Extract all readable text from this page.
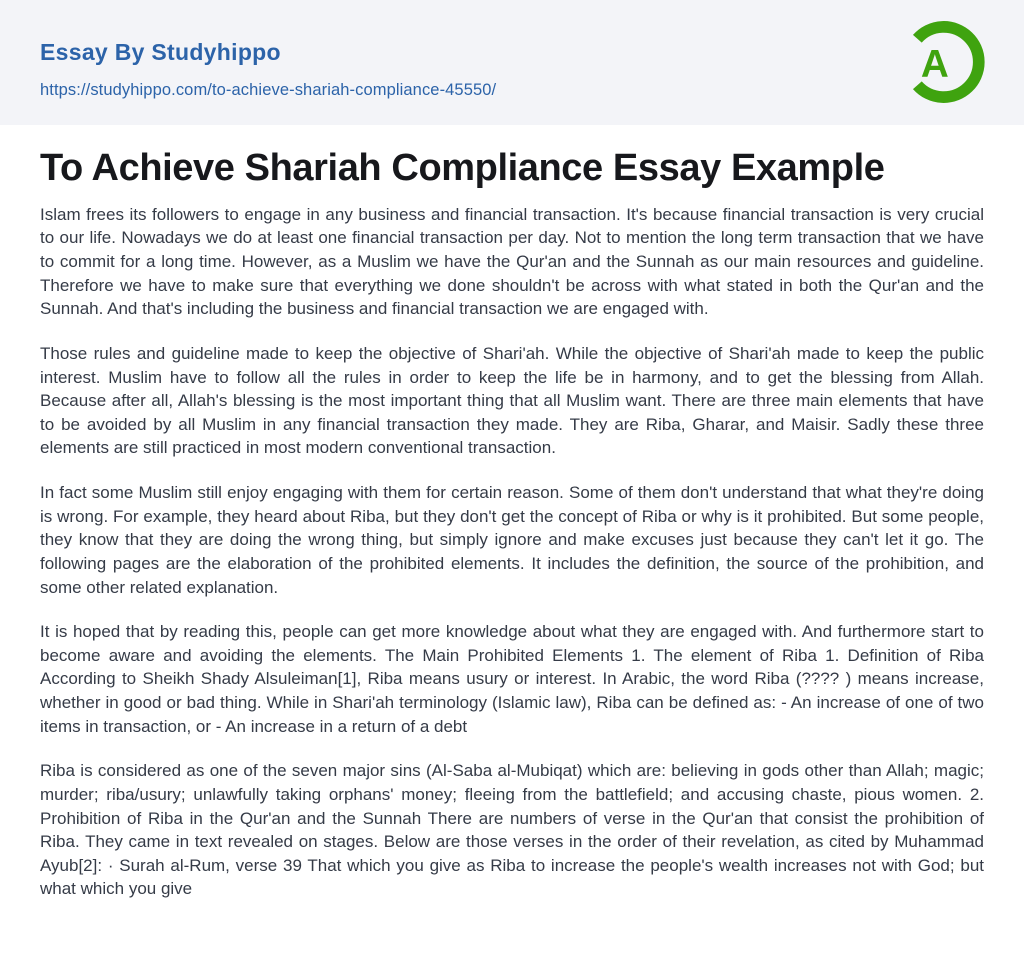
Essay By Studyhippo
https://studyhippo.com/to-achieve-shariah-compliance-45550/
A
To Achieve Shariah Compliance Essay Example

Islam frees its followers to engage in any business and financial transaction. It's because financial transaction is very crucial to our life. Nowadays we do at least one financial transaction per day. Not to mention the long term transaction that we have to commit for a long time. However, as a Muslim we have the Qur'an and the Sunnah as our main resources and guideline. Therefore we have to make sure that everything we done shouldn't be across with what stated in both the Qur'an and the Sunnah. And that's including the business and financial transaction we are engaged with.

Those rules and guideline made to keep the objective of Shari'ah. While the objective of Shari'ah made to keep the public interest. Muslim have to follow all the rules in order to keep the life be in harmony, and to get the blessing from Allah. Because after all, Allah's blessing is the most important thing that all Muslim want. There are three main elements that have to be avoided by all Muslim in any financial transaction they made. They are Riba, Gharar, and Maisir. Sadly these three elements are still practiced in most modern conventional transaction.

In fact some Muslim still enjoy engaging with them for certain reason. Some of them don't understand that what they're doing is wrong. For example, they heard about Riba, but they don't get the concept of Riba or why is it prohibited. But some people, they know that they are doing the wrong thing, but simply ignore and make excuses just because they can't let it go. The following pages are the elaboration of the prohibited elements. It includes the definition, the source of the prohibition, and some other related explanation.

It is hoped that by reading this, people can get more knowledge about what they are engaged with. And furthermore start to become aware and avoiding the elements. The Main Prohibited Elements 1. The element of Riba 1. Definition of Riba According to Sheikh Shady Alsuleiman[1], Riba means usury or interest. In Arabic, the word Riba (???? ) means increase, whether in good or bad thing. While in Shari'ah terminology (Islamic law), Riba can be defined as: - An increase of one of two items in transaction, or - An increase in a return of a debt

Riba is considered as one of the seven major sins (Al-Saba al-Mubiqat) which are: believing in gods other than Allah; magic; murder; riba/usury; unlawfully taking orphans' money; fleeing from the battlefield; and accusing chaste, pious women. 2. Prohibition of Riba in the Qur'an and the Sunnah There are numbers of verse in the Qur'an that consist the prohibition of Riba. They came in text revealed on stages. Below are those verses in the order of their revelation, as cited by Muhammad Ayub[2]: · Surah al-Rum, verse 39 That which you give as Riba to increase the people's wealth increases not with God; but what which you give
